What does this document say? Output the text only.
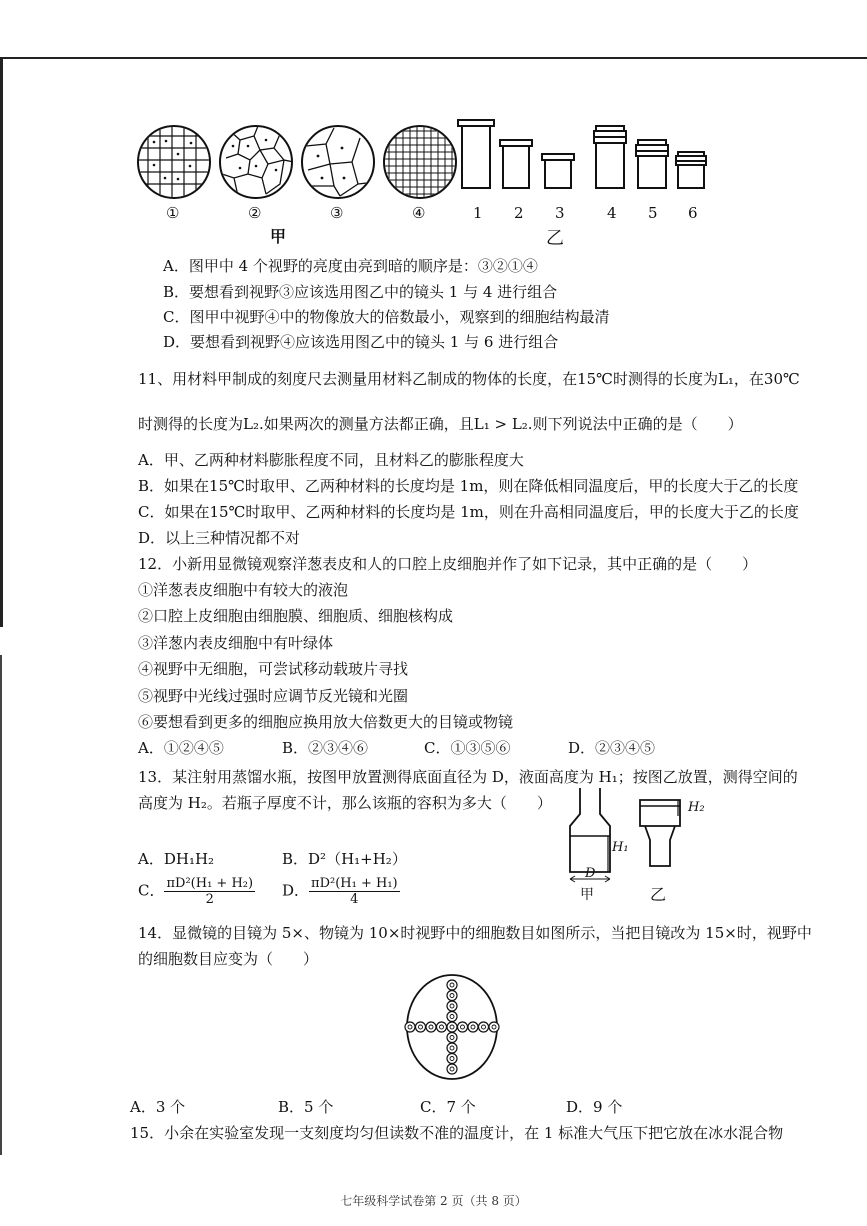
①	②	③	④	1 2 3	4 5 6
甲	乙
A．图甲中 4 个视野的亮度由亮到暗的顺序是：③②①④
B．要想看到视野③应该选用图乙中的镜头 1 与 4 进行组合
C．图甲中视野④中的物像放大的倍数最小，观察到的细胞结构最清
D．要想看到视野④应该选用图乙中的镜头 1 与 6 进行组合
11、用材料甲制成的刻度尺去测量用材料乙制成的物体的长度，在15℃时测得的长度为L₁，在30℃
时测得的长度为L₂.如果两次的测量方法都正确，且L₁ > L₂.则下列说法中正确的是（　　）
A．甲、乙两种材料膨胀程度不同，且材料乙的膨胀程度大
B．如果在15℃时取甲、乙两种材料的长度均是 1m，则在降低相同温度后，甲的长度大于乙的长度
C．如果在15℃时取甲、乙两种材料的长度均是 1m，则在升高相同温度后，甲的长度大于乙的长度
D．以上三种情况都不对
12．小新用显微镜观察洋葱表皮和人的口腔上皮细胞并作了如下记录，其中正确的是（　　）
①洋葱表皮细胞中有较大的液泡
②口腔上皮细胞由细胞膜、细胞质、细胞核构成
③洋葱内表皮细胞中有叶绿体
④视野中无细胞，可尝试移动载玻片寻找
⑤视野中光线过强时应调节反光镜和光圈
⑥要想看到更多的细胞应换用放大倍数更大的目镜或物镜
A．①②④⑤	B．②③④⑥	C．①③⑤⑥	D．②③④⑤
13．某注射用蒸馏水瓶，按图甲放置测得底面直径为 D，液面高度为 H₁；按图乙放置，测得空间的
高度为 H₂。若瓶子厚度不计，那么该瓶的容积为多大（　　）
A．DH₁H₂	B．D²（H₁+H₂）
C． $\frac{\text{πD²(H₁ + H₂)}}{2}$ D． $\frac{\text{πD²(H₁ + H₁)}}{4}$
H₂
H₁
D
甲	乙
14．显微镜的目镜为 5×、物镜为 10×时视野中的细胞数目如图所示，当把目镜改为 15×时，视野中
的细胞数目应变为（　　）
A．3 个	B．5 个	C．7 个	D．9 个
15．小余在实验室发现一支刻度均匀但读数不准的温度计，在 1 标准大气压下把它放在冰水混合物
七年级科学试卷第 2 页（共 8 页）
